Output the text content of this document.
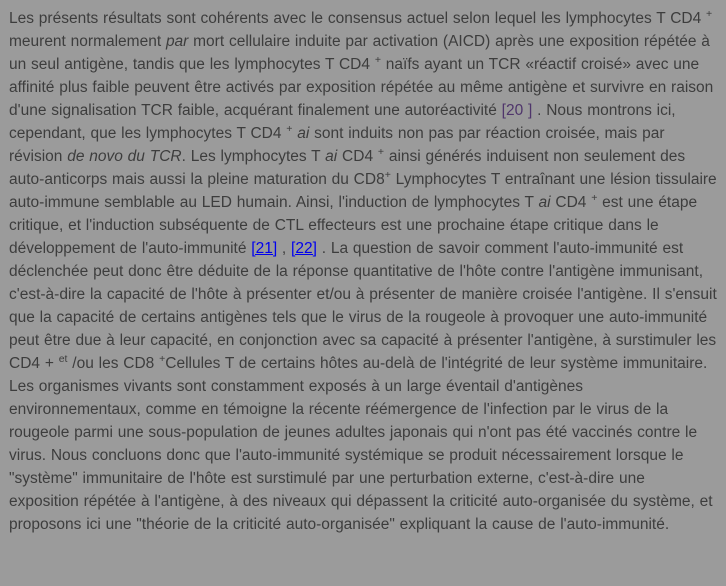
Les présents résultats sont cohérents avec le consensus actuel selon lequel les lymphocytes T CD4 + meurent normalement par mort cellulaire induite par activation (AICD) après une exposition répétée à un seul antigène, tandis que les lymphocytes T CD4 + naïfs ayant un TCR «réactif croisé» avec une affinité plus faible peuvent être activés par exposition répétée au même antigène et survivre en raison d'une signalisation TCR faible, acquérant finalement une autoréactivité [20 ] . Nous montrons ici, cependant, que les lymphocytes T CD4 + ai sont induits non pas par réaction croisée, mais par révision de novo du TCR. Les lymphocytes T ai CD4 + ainsi générés induisent non seulement des auto-anticorps mais aussi la pleine maturation du CD8+ Lymphocytes T entraînant une lésion tissulaire auto-immune semblable au LED humain. Ainsi, l'induction de lymphocytes T ai CD4 + est une étape critique, et l'induction subséquente de CTL effecteurs est une prochaine étape critique dans le développement de l'auto-immunité [21] , [22] . La question de savoir comment l'auto-immunité est déclenchée peut donc être déduite de la réponse quantitative de l'hôte contre l'antigène immunisant, c'est-à-dire la capacité de l'hôte à présenter et/ou à présenter de manière croisée l'antigène. Il s'ensuit que la capacité de certains antigènes tels que le virus de la rougeole à provoquer une auto-immunité peut être due à leur capacité, en conjonction avec sa capacité à présenter l'antigène, à surstimuler les CD4 + $^{et}$ /ou les CD8 +Cellules T de certains hôtes au-delà de l'intégrité de leur système immunitaire. Les organismes vivants sont constamment exposés à un large éventail d'antigènes environnementaux, comme en témoigne la récente réémergence de l'infection par le virus de la rougeole parmi une sous-population de jeunes adultes japonais qui n'ont pas été vaccinés contre le virus. Nous concluons donc que l'auto-immunité systémique se produit nécessairement lorsque le "système" immunitaire de l'hôte est surstimulé par une perturbation externe, c'est-à-dire une exposition répétée à l'antigène, à des niveaux qui dépassent la criticité auto-organisée du système, et proposons ici une "théorie de la criticité auto-organisée" expliquant la cause de l'auto-immunité.
